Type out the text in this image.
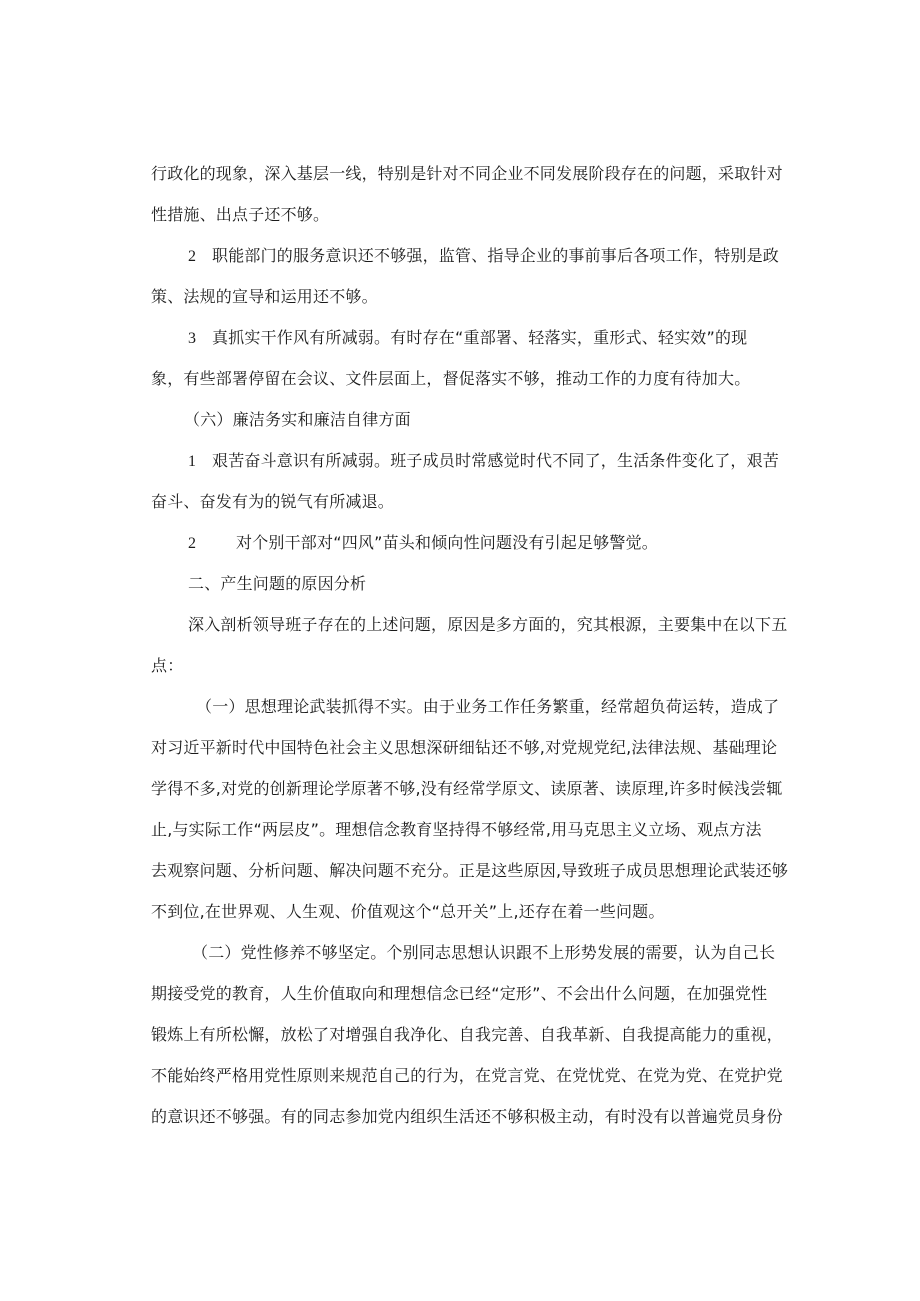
行政化的现象，深入基层一线，特别是针对不同企业不同发展阶段存在的问题，采取针对
性措施、出点子还不够。
2 职能部门的服务意识还不够强，监管、指导企业的事前事后各项工作，特别是政
策、法规的宣导和运用还不够。
3 真抓实干作风有所减弱。有时存在“重部署、轻落实，重形式、轻实效”的现
象，有些部署停留在会议、文件层面上，督促落实不够，推动工作的力度有待加大。
（六）廉洁务实和廉洁自律方面
1 艰苦奋斗意识有所减弱。班子成员时常感觉时代不同了，生活条件变化了，艰苦
奋斗、奋发有为的锐气有所减退。
2 对个别干部对“四风”苗头和倾向性问题没有引起足够警觉。
二、产生问题的原因分析
深入剖析领导班子存在的上述问题，原因是多方面的，究其根源，主要集中在以下五
点：
（一）思想理论武装抓得不实。由于业务工作任务繁重，经常超负荷运转，造成了
对习近平新时代中国特色社会主义思想深研细钻还不够,对党规党纪,法律法规、基础理论
学得不多,对党的创新理论学原著不够,没有经常学原文、读原著、读原理,许多时候浅尝辄
止,与实际工作“两层皮”。理想信念教育坚持得不够经常,用马克思主义立场、观点方法
去观察问题、分析问题、解决问题不充分。正是这些原因,导致班子成员思想理论武装还够
不到位,在世界观、人生观、价值观这个“总开关”上,还存在着一些问题。
（二）党性修养不够坚定。个别同志思想认识跟不上形势发展的需要，认为自己长
期接受党的教育，人生价值取向和理想信念已经“定形”、不会出什么问题，在加强党性
锻炼上有所松懈，放松了对增强自我净化、自我完善、自我革新、自我提高能力的重视，
不能始终严格用党性原则来规范自己的行为，在党言党、在党忧党、在党为党、在党护党
的意识还不够强。有的同志参加党内组织生活还不够积极主动，有时没有以普遍党员身份
